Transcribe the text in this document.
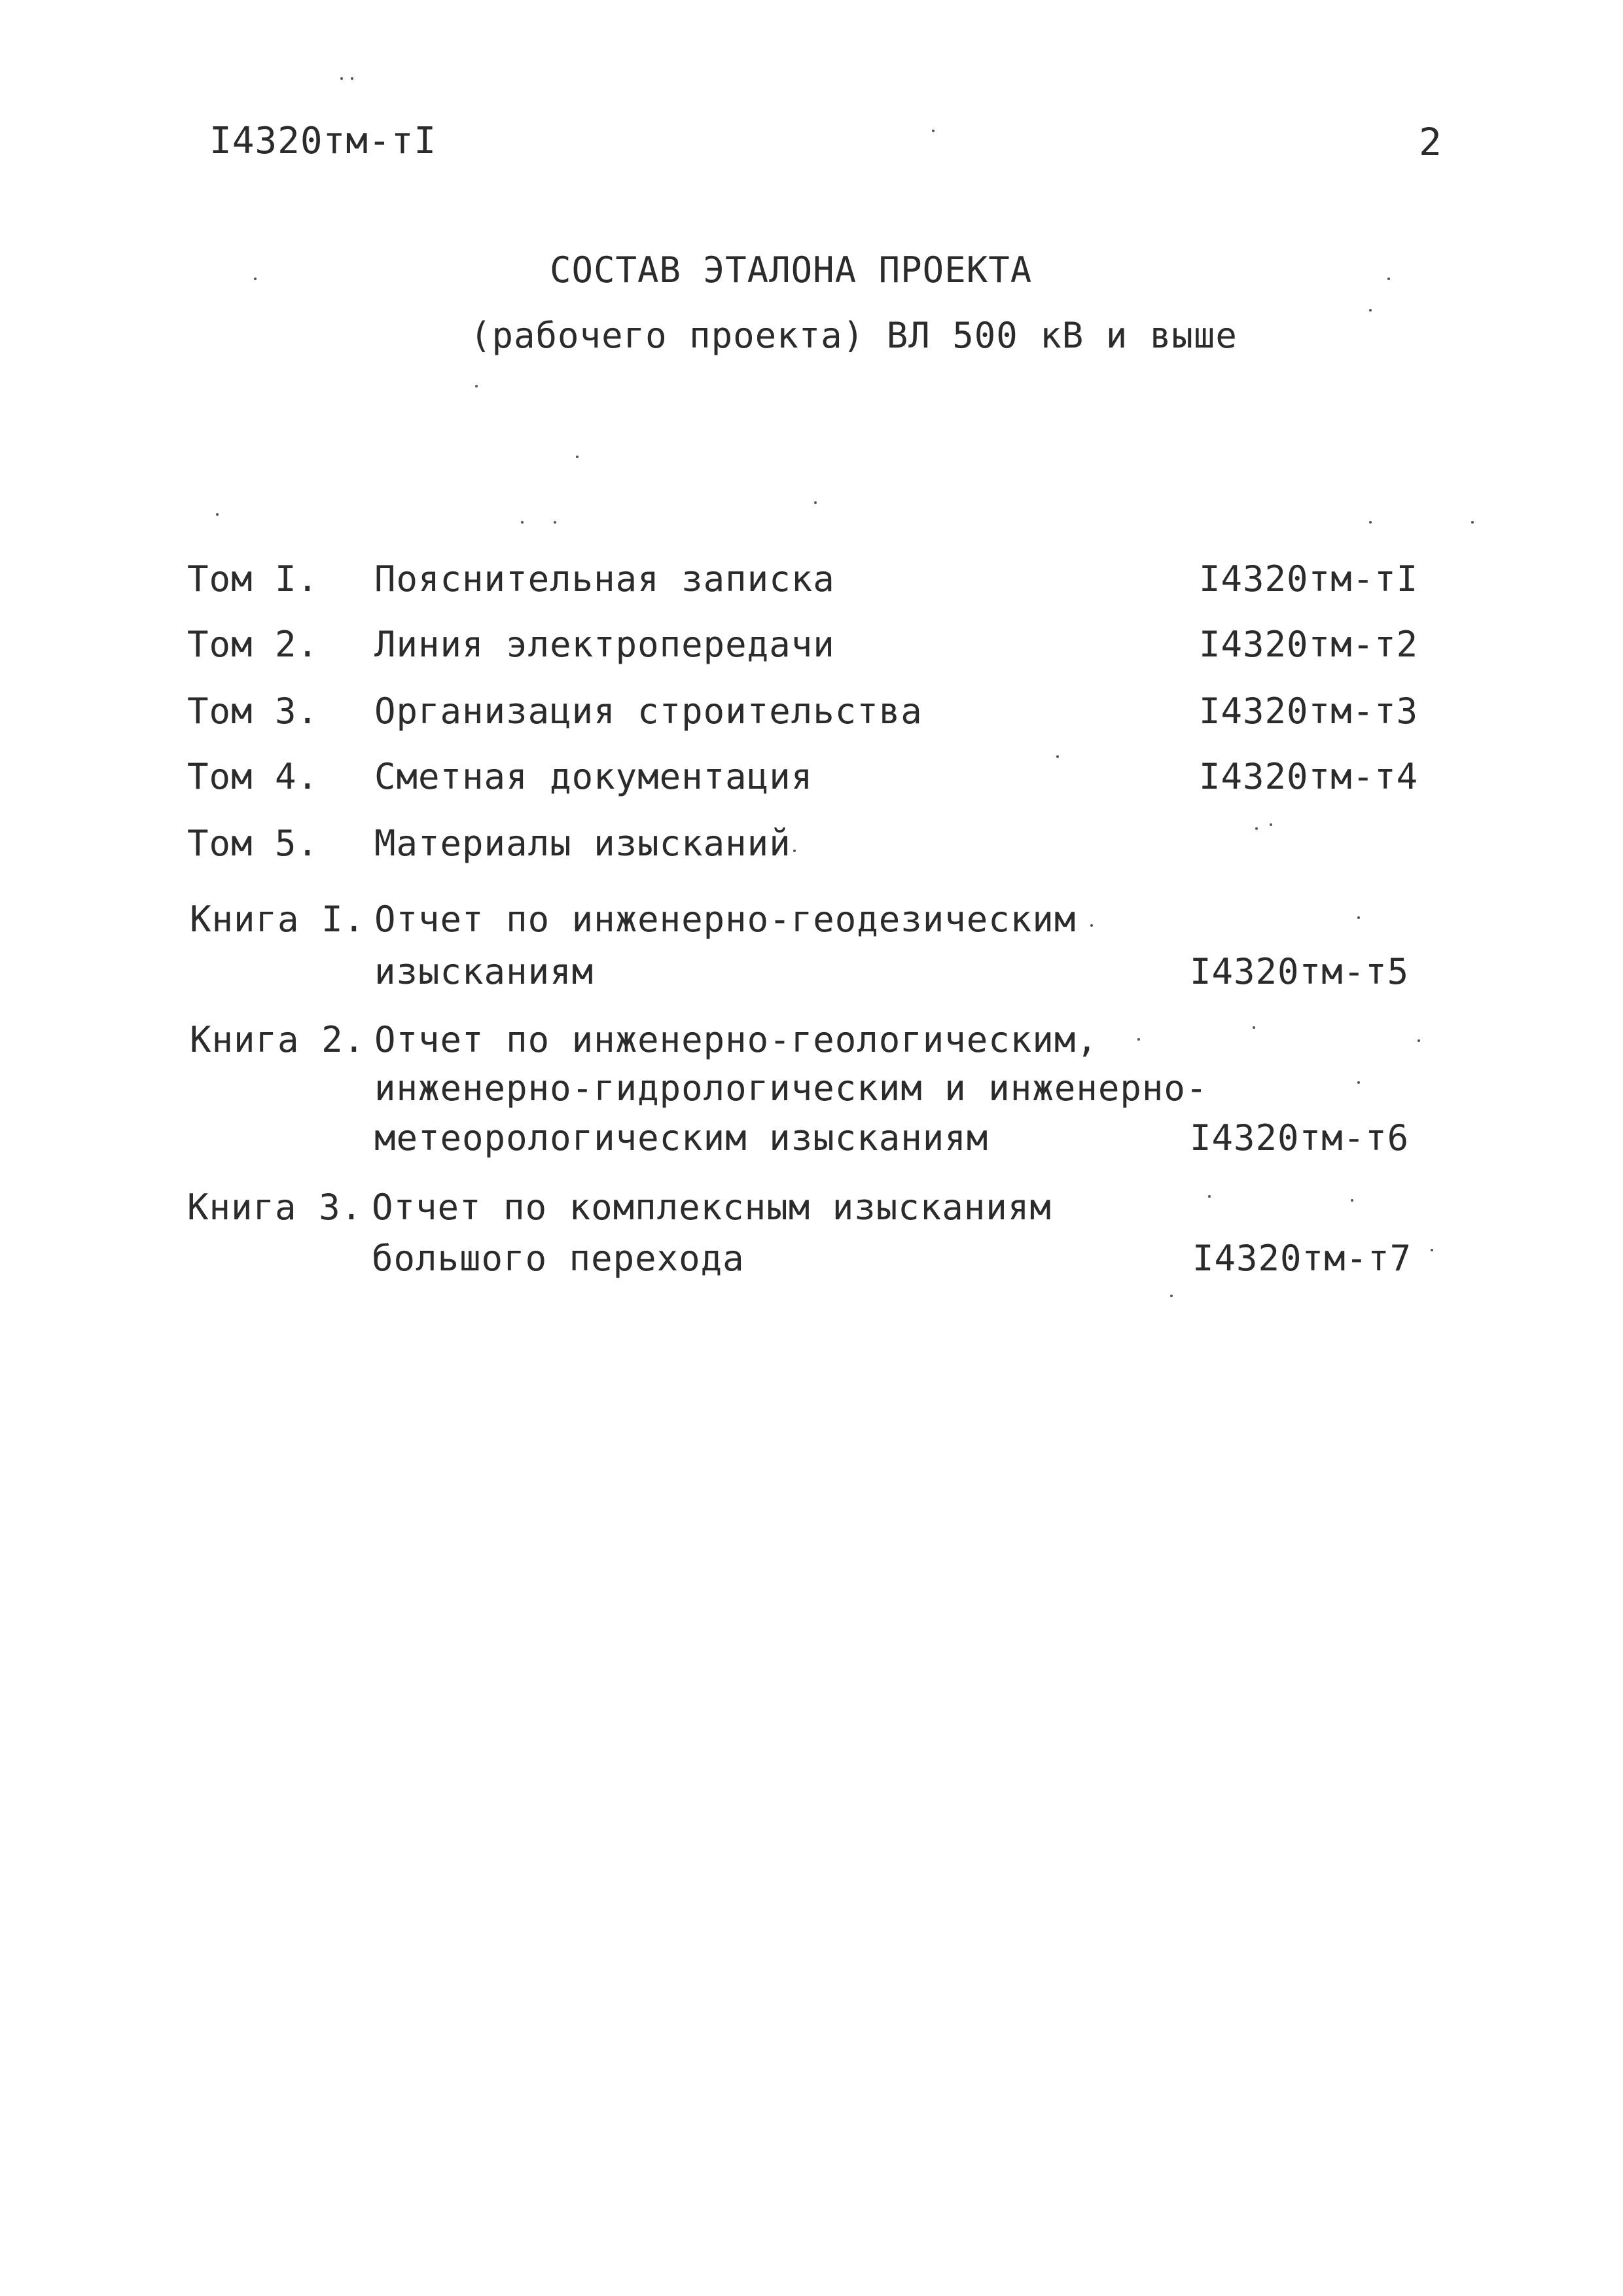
I4320тм-тI	2
СОСТАВ ЭТАЛОНА ПРОЕКТА
(рабочего проекта) ВЛ 500 кВ и выше
Том I. Пояснительная записка	I4320тм-тI
Том 2. Линия электропередачи	I4320тм-т2
Том 3. Организация строительства	I4320тм-т3
Том 4. Сметная документация	I4320тм-т4
Том 5. Материалы изысканий
Книга I. Отчет по инженерно-геодезическим
изысканиям	I4320тм-т5
Книга 2. Отчет по инженерно-геологическим,
инженерно-гидрологическим и инженерно-
метеорологическим изысканиям	I4320тм-т6
Книга 3. Отчет по комплексным изысканиям
большого перехода	I4320тм-т7
